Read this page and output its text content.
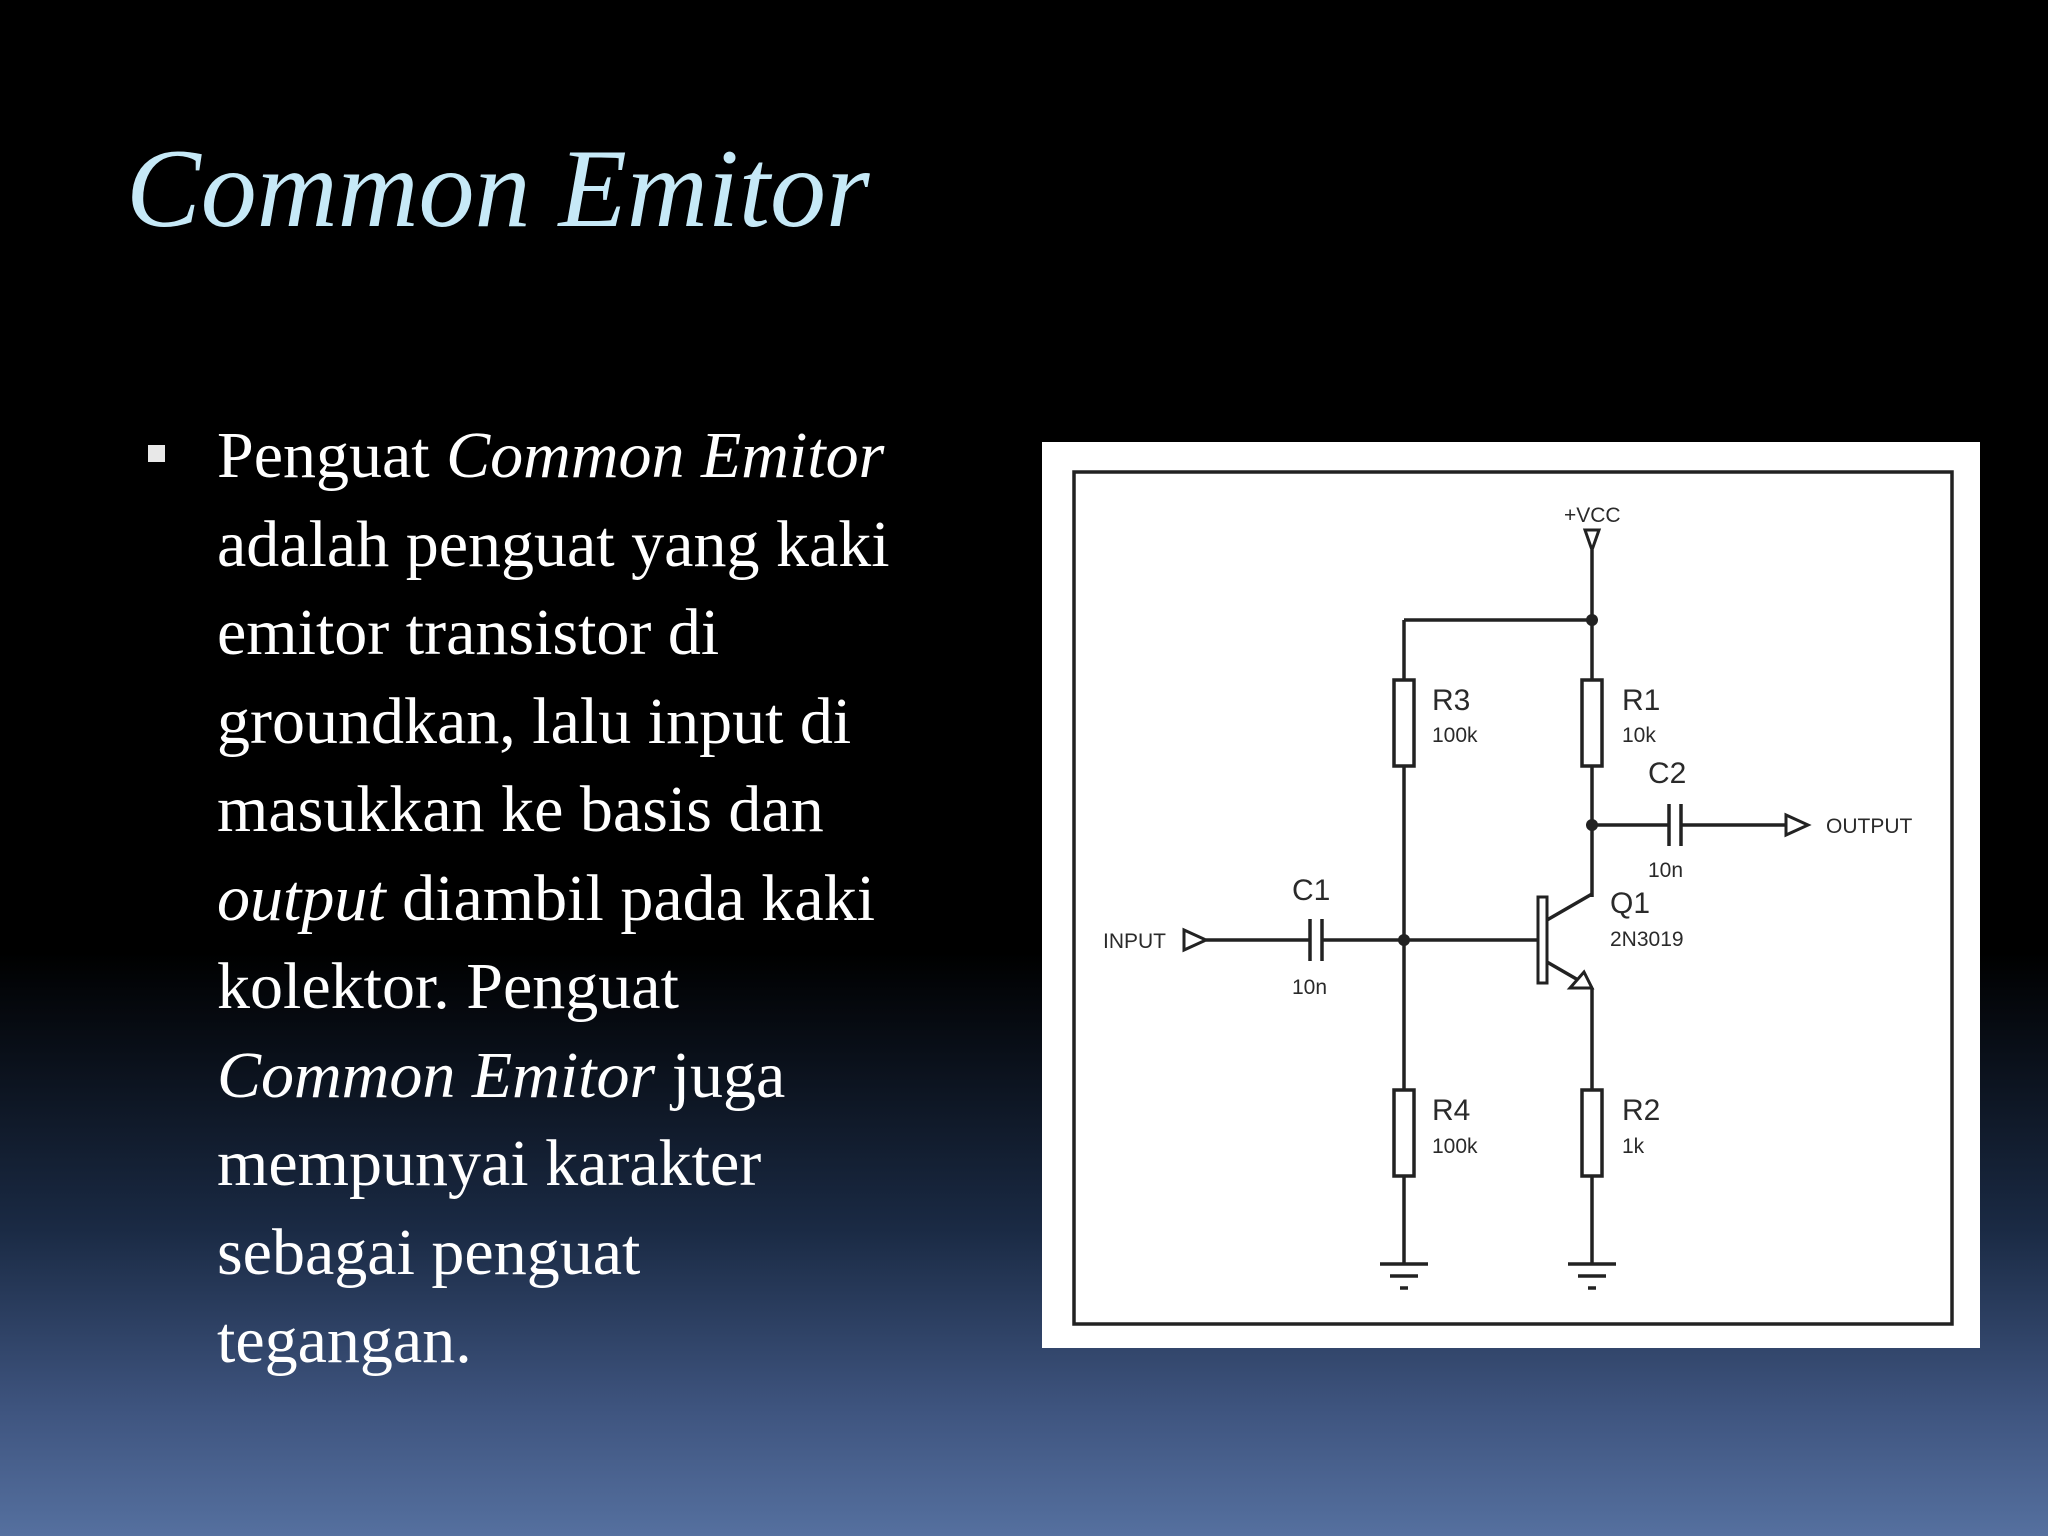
Common Emitor

Penguat Common Emitor
adalah penguat yang kaki
emitor transistor di
groundkan, lalu input di
masukkan ke basis dan
output diambil pada kaki
kolektor. Penguat
Common Emitor juga
mempunyai karakter
sebagai penguat
tegangan.

+VCC
R3
100k
R1
10k
C2
10n
OUTPUT
INPUT
C1
10n
Q1
2N3019
R4
100k
R2
1k
